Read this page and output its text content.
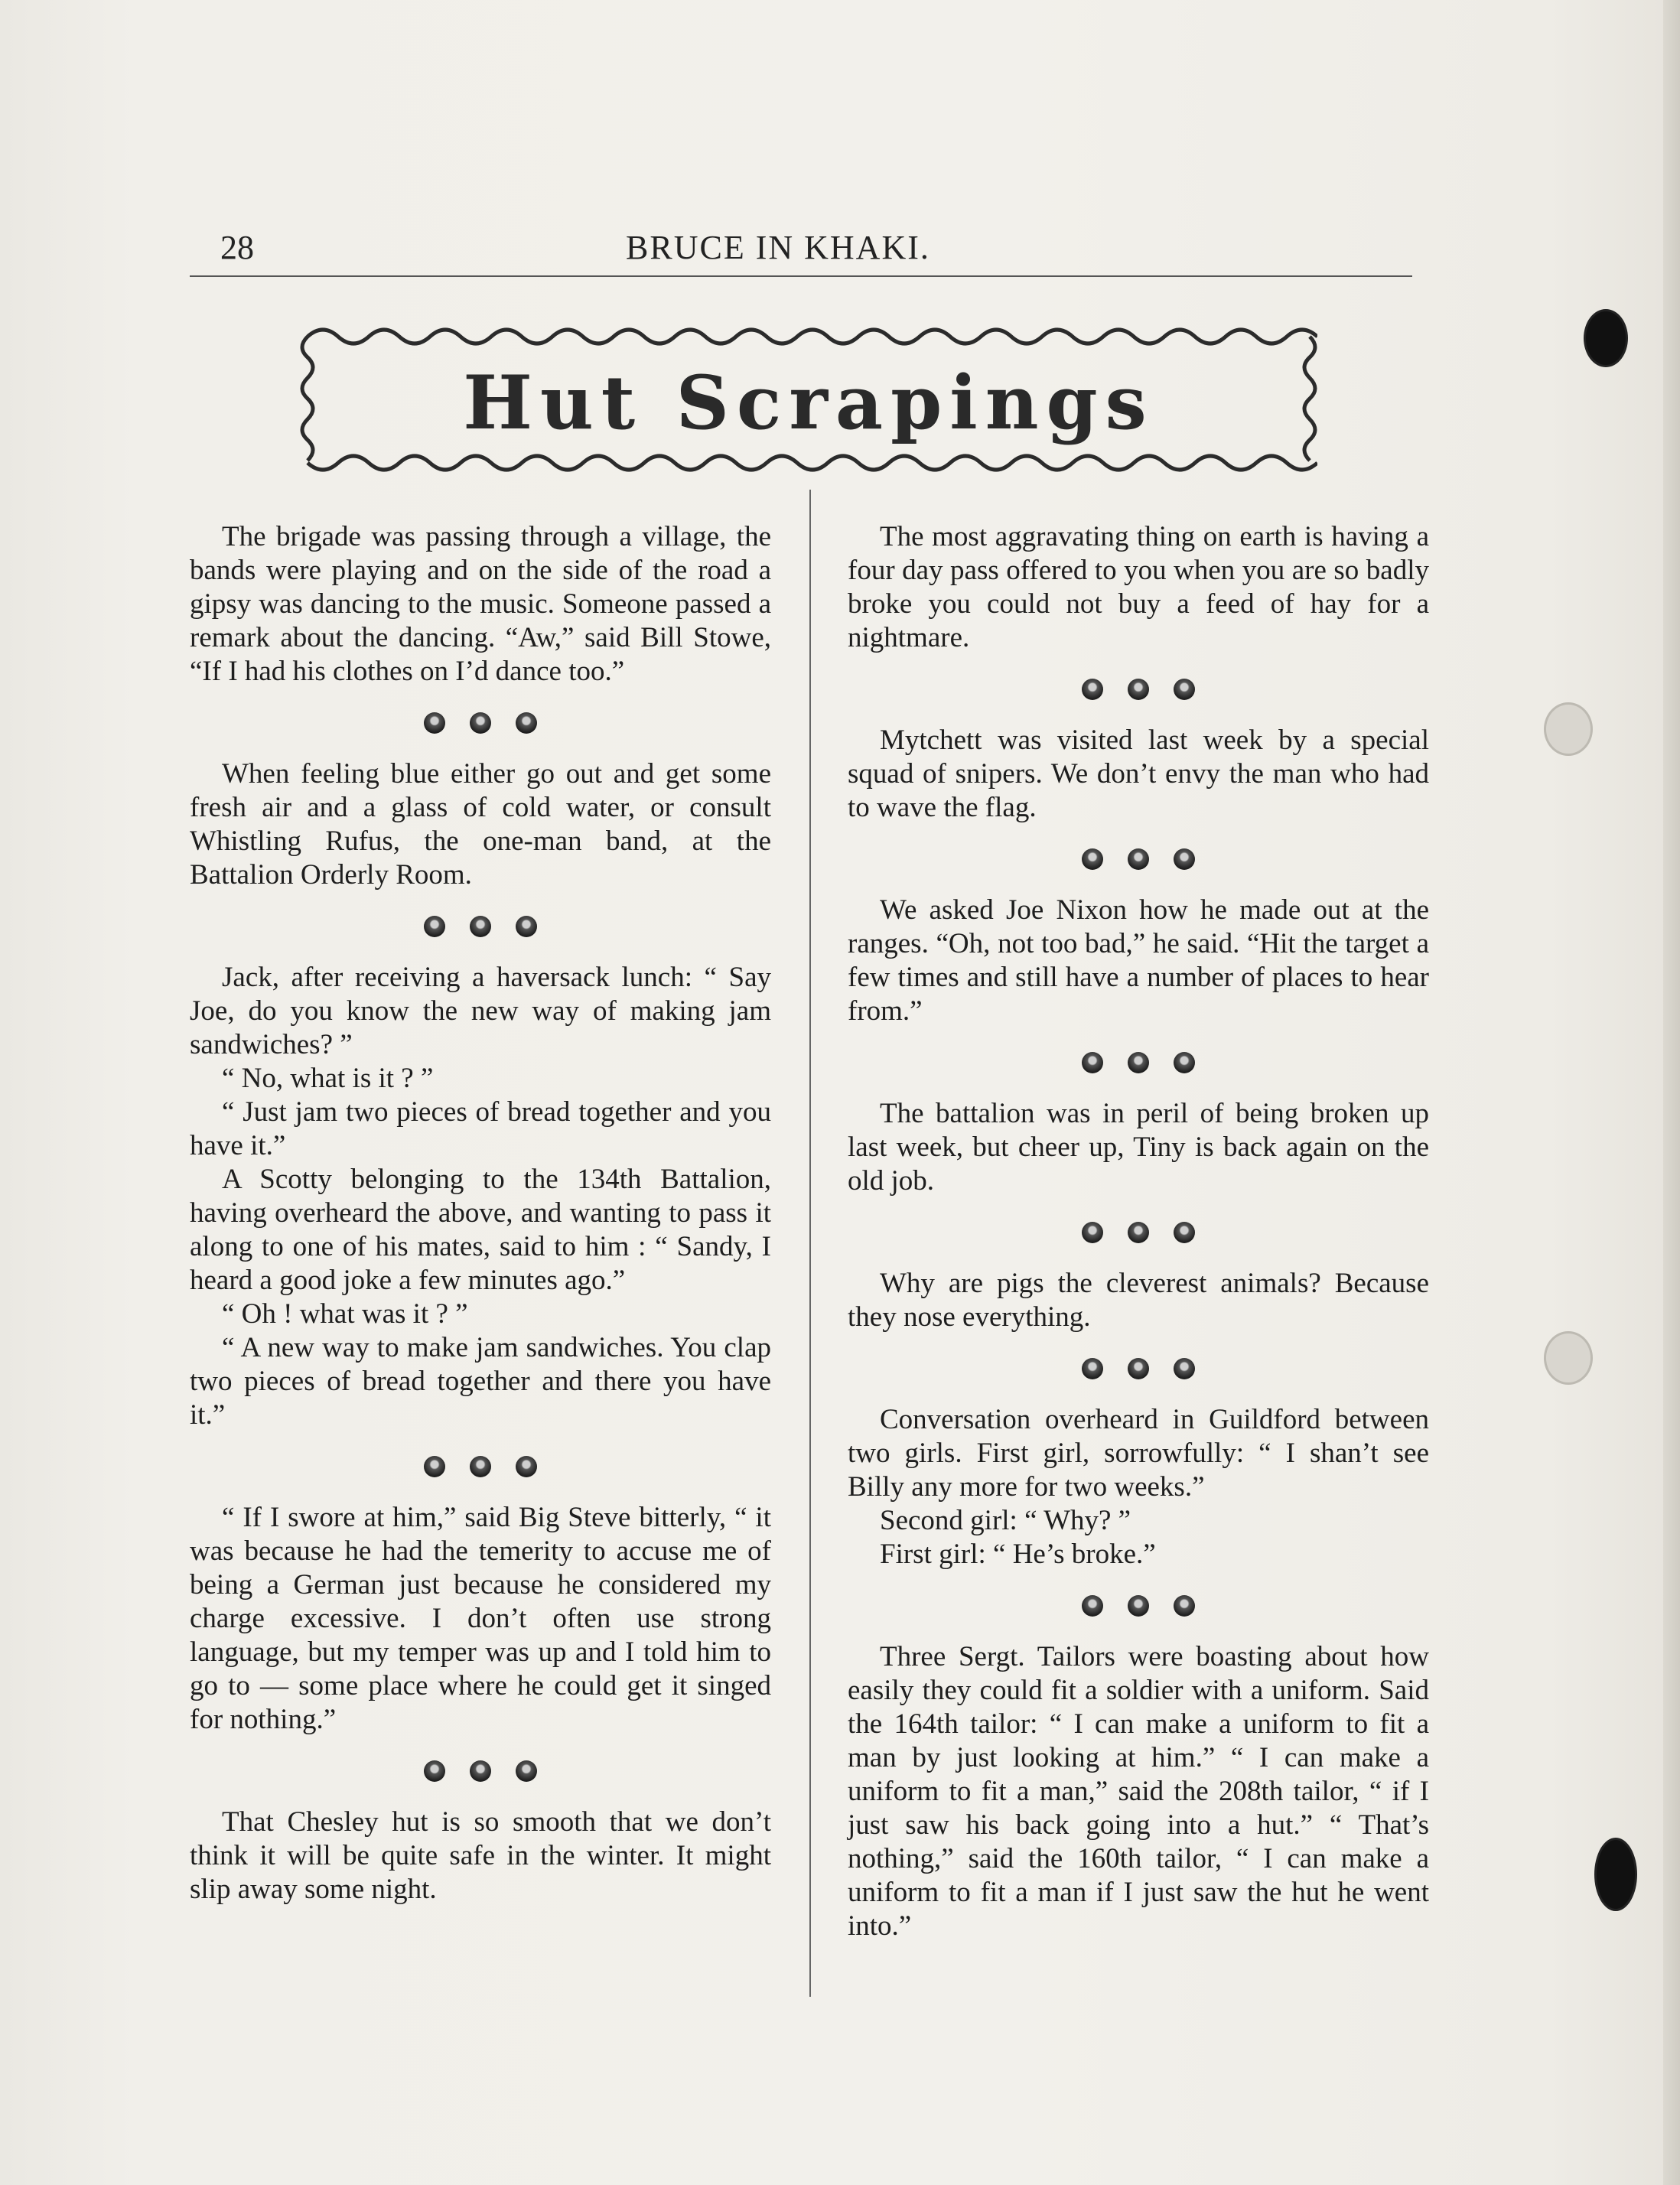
28	BRUCE IN KHAKI.
Hut Scrapings

The brigade was passing through a village, the bands were playing and on the side of the road a gipsy was dancing to the music. Someone passed a remark about the dancing. “Aw,” said Bill Stowe, “If I had his clothes on I’d dance too.”

When feeling blue either go out and get some fresh air and a glass of cold water, or consult Whistling Rufus, the one-man band, at the Battalion Orderly Room.

Jack, after receiving a haversack lunch: “ Say Joe, do you know the new way of making jam sandwiches? ”

“ No, what is it ? ”

“ Just jam two pieces of bread together and you have it.”

A Scotty belonging to the 134th Battalion, having overheard the above, and wanting to pass it along to one of his mates, said to him : “ Sandy, I heard a good joke a few minutes ago.”

“ Oh ! what was it ? ”

“ A new way to make jam sandwiches. You clap two pieces of bread together and there you have it.”

“ If I swore at him,” said Big Steve bitterly, “ it was because he had the temerity to accuse me of being a German just because he considered my charge excessive. I don’t often use strong language, but my temper was up and I told him to go to — some place where he could get it singed for nothing.”

That Chesley hut is so smooth that we don’t think it will be quite safe in the winter. It might slip away some night.

The most aggravating thing on earth is having a four day pass offered to you when you are so badly broke you could not buy a feed of hay for a nightmare.

Mytchett was visited last week by a special squad of snipers. We don’t envy the man who had to wave the flag.

We asked Joe Nixon how he made out at the ranges. “Oh, not too bad,” he said. “Hit the target a few times and still have a number of places to hear from.”

The battalion was in peril of being broken up last week, but cheer up, Tiny is back again on the old job.

Why are pigs the cleverest animals? Because they nose everything.

Conversation overheard in Guildford between two girls. First girl, sorrowfully: “ I shan’t see Billy any more for two weeks.”

Second girl: “ Why? ”

First girl: “ He’s broke.”

Three Sergt. Tailors were boasting about how easily they could fit a soldier with a uniform. Said the 164th tailor: “ I can make a uniform to fit a man by just looking at him.” “ I can make a uniform to fit a man,” said the 208th tailor, “ if I just saw his back going into a hut.” “ That’s nothing,” said the 160th tailor, “ I can make a uniform to fit a man if I just saw the hut he went into.”
